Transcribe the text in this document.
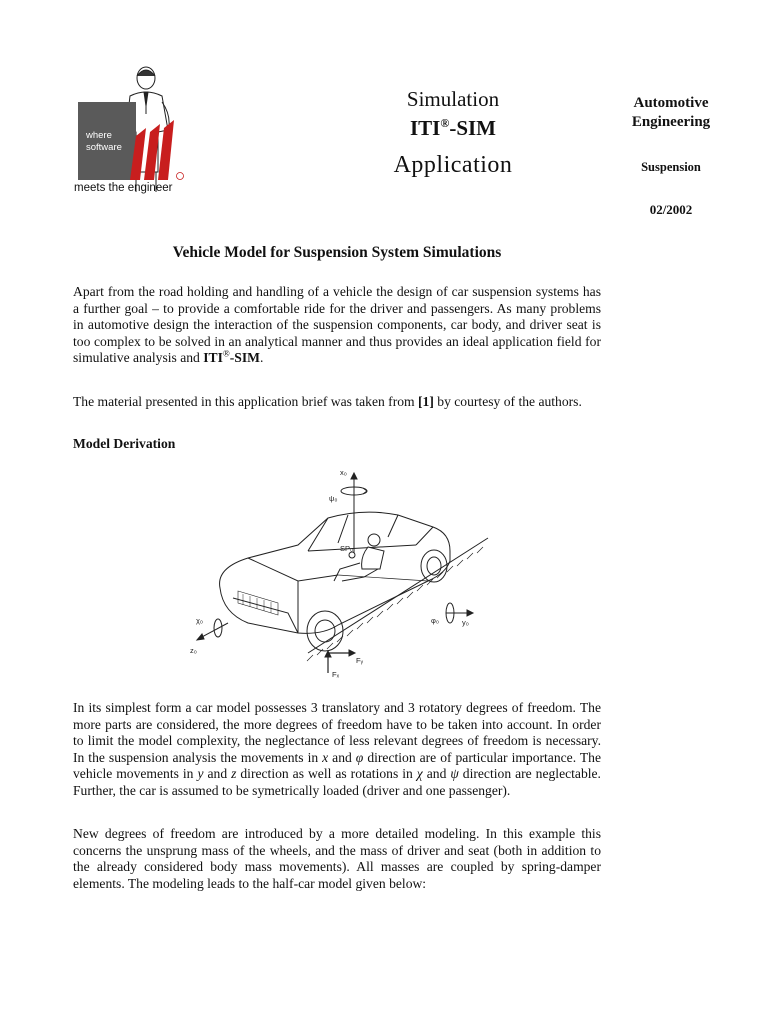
where
software
meets the engineer
Simulation
ITI®-SIM
Application
Automotive
Engineering
Suspension
02/2002
Vehicle Model for Suspension System Simulations
Apart from the road holding and handling of a vehicle the design of car suspension systems has a further goal – to provide a comfortable ride for the driver and passengers. As many problems in automotive design the interaction of the suspension components, car body, and driver seat is too complex to be solved in an analytical manner and thus provides an ideal application field for simulative analysis and ITI®-SIM.
The material presented in this application brief was taken from [1] by courtesy of the authors.
Model Derivation
x₀
ψ₀
SP₀
χ₀
z₀
φ₀	y₀
Fᵧ
Fₓ
In its simplest form a car model possesses 3 translatory and 3 rotatory degrees of freedom. The more parts are considered, the more degrees of freedom have to be taken into account. In order to limit the model complexity, the neglectance of less relevant degrees of freedom is necessary. In the suspension analysis the movements in x and φ direction are of particular importance. The vehicle movements in y and z direction as well as rotations in χ and ψ direction are neglectable. Further, the car is assumed to be symetrically loaded (driver and one passenger).
New degrees of freedom are introduced by a more detailed modeling. In this example this concerns the unsprung mass of the wheels, and the mass of driver and seat (both in addition to the already considered body mass movements). All masses are coupled by spring-damper elements. The modeling leads to the half-car model given below:
